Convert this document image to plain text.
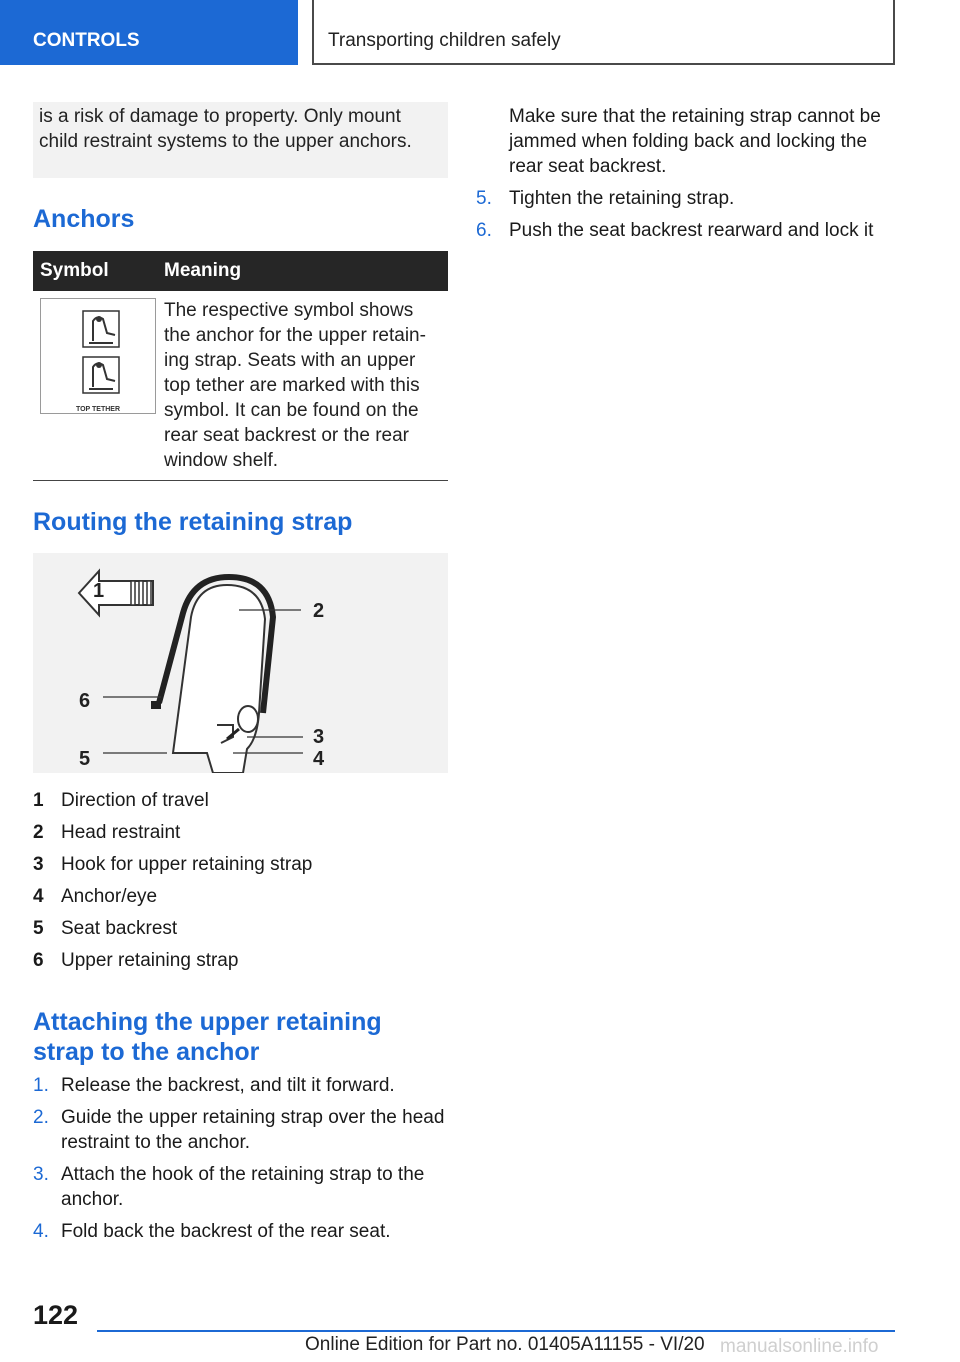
CONTROLS	Transporting children safely

is a risk of damage to property. Only mount child restraint systems to the upper anchors.

Anchors
Symbol	Meaning

TOP TETHER	The respective symbol shows the anchor for the upper retain‐ing strap. Seats with an upper top tether are marked with this symbol. It can be found on the rear seat backrest or the rear window shelf.
Routing the retaining strap
1
2
3
4
5
6
1 Direction of travel
2 Head restraint
3 Hook for upper retaining strap
4 Anchor/eye
5 Seat backrest
6 Upper retaining strap
Attaching the upper retaining strap to the anchor
1. Release the backrest, and tilt it forward.
2. Guide the upper retaining strap over the head restraint to the anchor.
3. Attach the hook of the retaining strap to the anchor.
4. Fold back the backrest of the rear seat.

Make sure that the retaining strap cannot be jammed when folding back and locking the rear seat backrest.

5. Tighten the retaining strap.
6. Push the seat backrest rearward and lock it
122
Online Edition for Part no. 01405A11155 - VI/20 manualsonline.info
